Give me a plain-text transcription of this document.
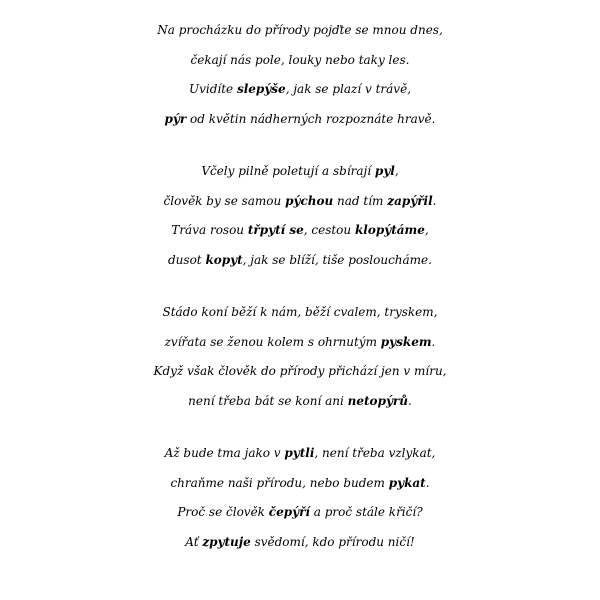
Na procházku do přírody pojďte se mnou dnes,
čekají nás pole, louky nebo taky les.
Uvidíte slepýše, jak se plazí v trávě,
pýr od květin nádherných rozpoznáte hravě.
Včely pilně poletují a sbírají pyl,
člověk by se samou pýchou nad tím zapýřil.
Tráva rosou třpytí se, cestou klopýtáme,
dusot kopyt, jak se blíží, tiše posloucháme.
Stádo koní běží k nám, běží cvalem, tryskem,
zvířata se ženou kolem s ohrnutým pyskem.
Když však člověk do přírody přichází jen v míru,
není třeba bát se koní ani netopýrů.
Až bude tma jako v pytli, není třeba vzlykat,
chraňme naši přírodu, nebo budem pykat.
Proč se člověk čepýří a proč stále křičí?
Ať zpytuje svědomí, kdo přírodu ničí!
